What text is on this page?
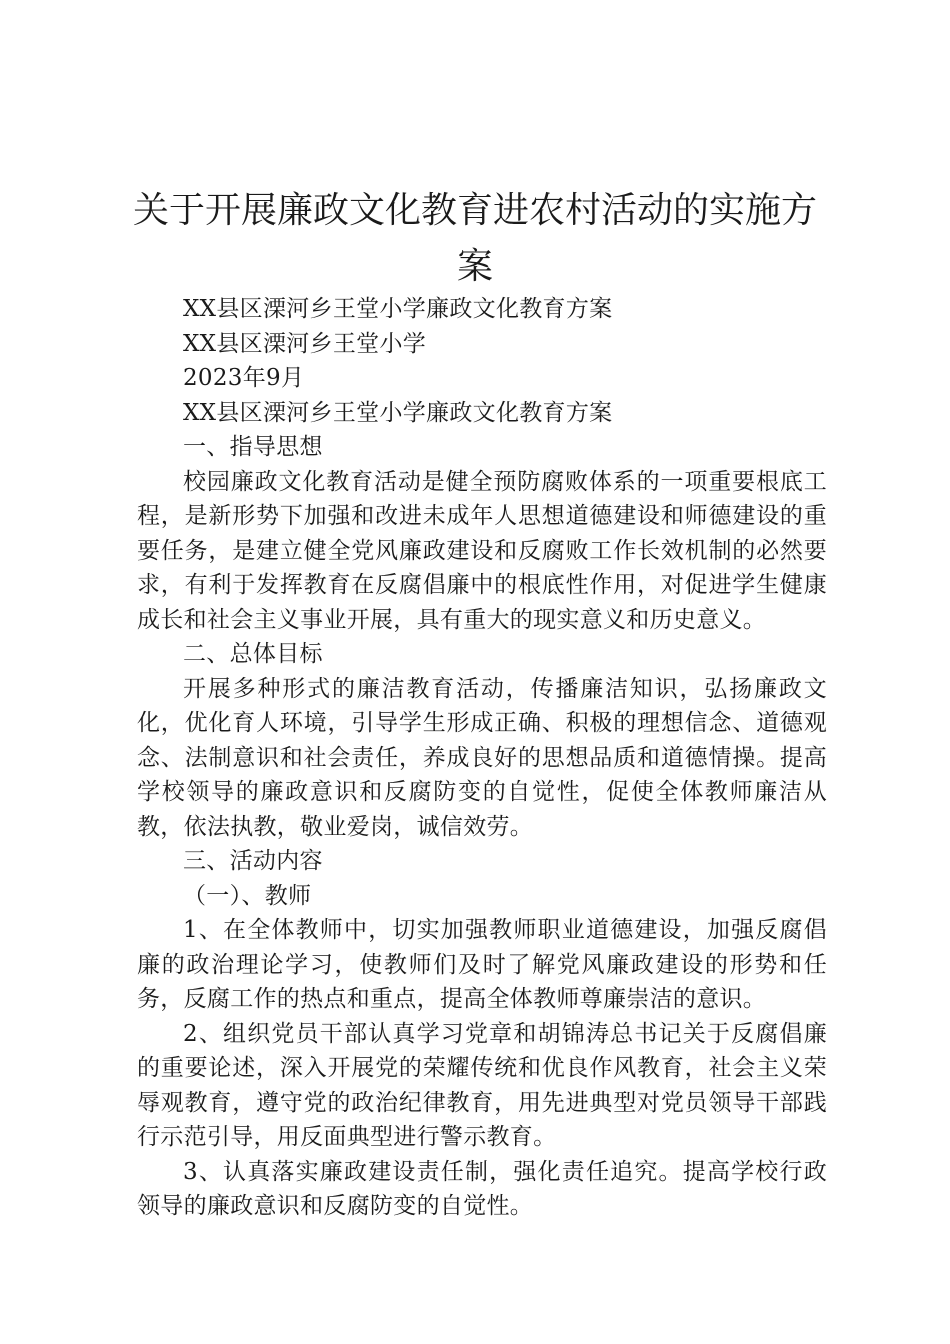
关于开展廉政文化教育进农村活动的实施方案

XX县区溧河乡王堂小学廉政文化教育方案

XX县区溧河乡王堂小学

2023年9月

XX县区溧河乡王堂小学廉政文化教育方案

一、指导思想

校园廉政文化教育活动是健全预防腐败体系的一项重要根底工程，是新形势下加强和改进未成年人思想道德建设和师德建设的重要任务，是建立健全党风廉政建设和反腐败工作长效机制的必然要求，有利于发挥教育在反腐倡廉中的根底性作用，对促进学生健康成长和社会主义事业开展，具有重大的现实意义和历史意义。

二、总体目标

开展多种形式的廉洁教育活动，传播廉洁知识，弘扬廉政文化，优化育人环境，引导学生形成正确、积极的理想信念、道德观念、法制意识和社会责任，养成良好的思想品质和道德情操。提高学校领导的廉政意识和反腐防变的自觉性，促使全体教师廉洁从教，依法执教，敬业爱岗，诚信效劳。

三、活动内容

（一）、教师

1、在全体教师中，切实加强教师职业道德建设，加强反腐倡廉的政治理论学习，使教师们及时了解党风廉政建设的形势和任务，反腐工作的热点和重点，提高全体教师尊廉崇洁的意识。

2、组织党员干部认真学习党章和胡锦涛总书记关于反腐倡廉的重要论述，深入开展党的荣耀传统和优良作风教育，社会主义荣辱观教育，遵守党的政治纪律教育，用先进典型对党员领导干部践行示范引导，用反面典型进行警示教育。

3、认真落实廉政建设责任制，强化责任追究。提高学校行政领导的廉政意识和反腐防变的自觉性。
